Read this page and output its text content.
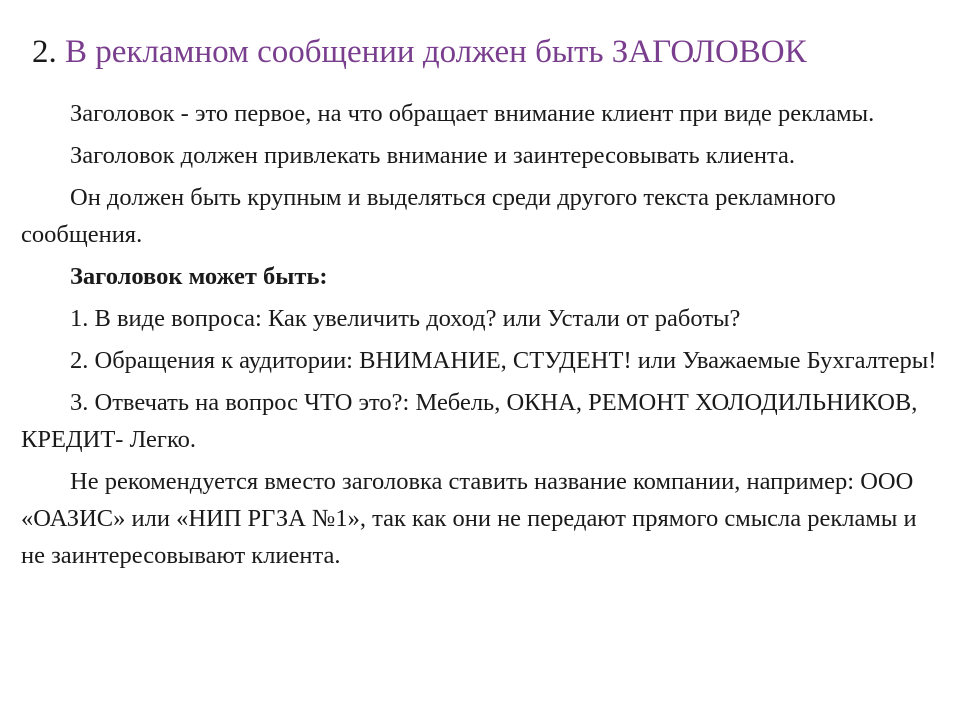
2. В рекламном сообщении должен быть ЗАГОЛОВОК

Заголовок - это первое, на что обращает внимание клиент при виде рекламы.

Заголовок должен привлекать внимание и заинтересовывать клиента.

Он должен быть крупным и выделяться среди другого текста рекламного сообщения.

Заголовок может быть:

1. В виде вопроса: Как увеличить доход? или Устали от работы?

2. Обращения к аудитории: ВНИМАНИЕ, СТУДЕНТ! или Уважаемые Бухгалтеры!

3. Отвечать на вопрос ЧТО это?: Мебель, ОКНА, РЕМОНТ ХОЛОДИЛЬНИКОВ, КРЕДИТ- Легко.

Не рекомендуется вместо заголовка ставить название компании, например: ООО «ОАЗИС» или «НИП РГЗА №1», так как они не передают прямого смысла рекламы и не заинтересовывают клиента.
